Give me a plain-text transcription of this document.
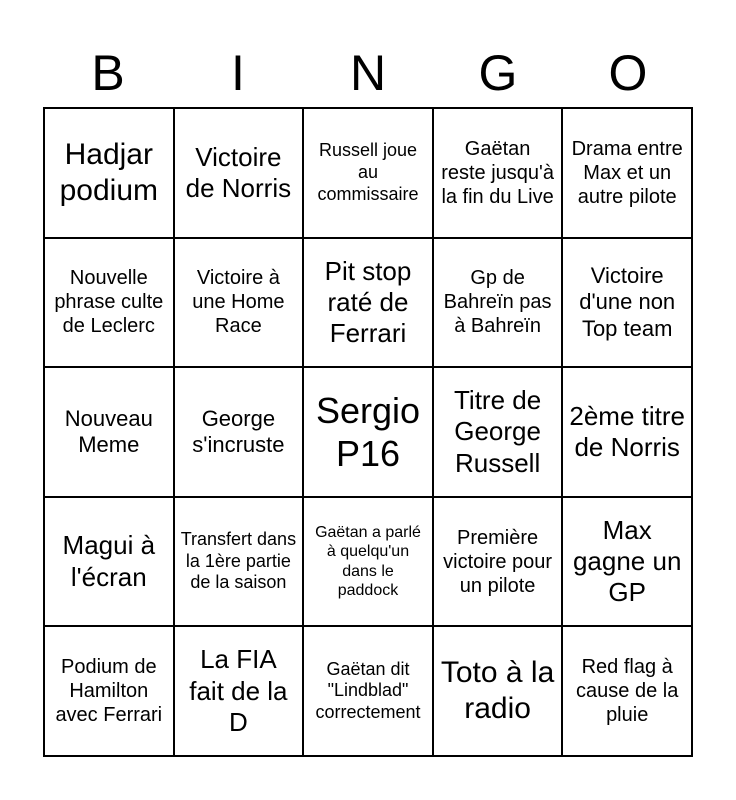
B	I	N	G	O
Hadjar podium
Victoire de Norris
Russell joue au commissaire
Gaëtan reste jusqu'à la fin du Live
Drama entre Max et un autre pilote
Nouvelle phrase culte de Leclerc
Victoire à une Home Race
Pit stop raté de Ferrari
Gp de Bahreïn pas à Bahreïn
Victoire d'une non Top team
Nouveau Meme
George s'incruste
Sergio P16
Titre de George Russell
2ème titre de Norris
Magui à l'écran
Transfert dans la 1ère partie de la saison
Gaëtan a parlé à quelqu'un dans le paddock
Première victoire pour un pilote
Max gagne un GP
Podium de Hamilton avec Ferrari
La FIA fait de la D
Gaëtan dit "Lindblad" correctement
Toto à la radio
Red flag à cause de la pluie
